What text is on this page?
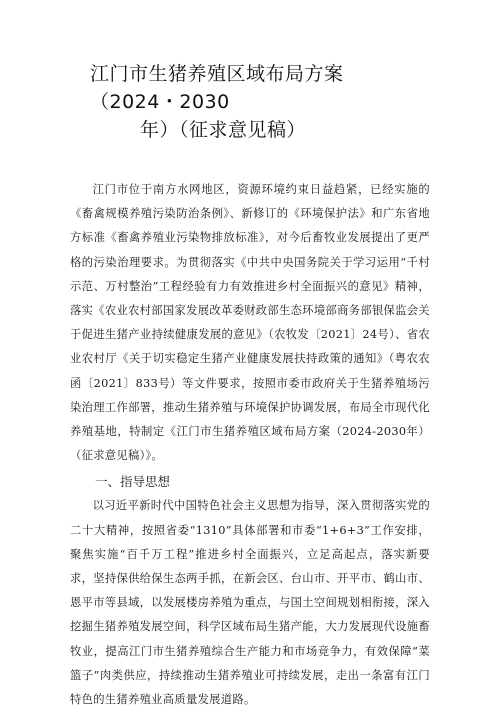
江门市生猪养殖区域布局方案（2024・2030
年）（征求意见稿）

江门市位于南方水网地区，资源环境约束日益趋紧，已经实施的《畜禽规模养殖污染防治条例》、新修订的《环境保护法》和广东省地方标准《畜禽养殖业污染物排放标准》，对今后畜牧业发展提出了更严格的污染治理要求。为贯彻落实《中共中央国务院关于学习运用“千村示范、万村整治”工程经验有力有效推进乡村全面振兴的意见》精神，落实《农业农村部国家发展改革委财政部生态环境部商务部银保监会关于促进生猪产业持续健康发展的意见》（农牧发〔2021〕24号）、省农业农村厅《关于切实稳定生猪产业健康发展扶持政策的通知》（粤农农函〔2021〕833号）等文件要求，按照市委市政府关于生猪养殖场污染治理工作部署，推动生猪养殖与环境保护协调发展，布局全市现代化养殖基地，特制定《江门市生猪养殖区域布局方案（2024-2030年）（征求意见稿）》。

一、指导思想

以习近平新时代中国特色社会主义思想为指导，深入贯彻落实党的二十大精神，按照省委“1310”具体部署和市委“1+6+3”工作安排，聚焦实施“百千万工程”推进乡村全面振兴，立足高起点，落实新要求，坚持保供给保生态两手抓，在新会区、台山市、开平市、鹤山市、恩平市等县域，以发展楼房养殖为重点，与国土空间规划相衔接，深入挖掘生猪养殖发展空间，科学区域布局生猪产能，大力发展现代设施畜牧业，提高江门市生猪养殖综合生产能力和市场竞争力，有效保障“菜篮子”肉类供应，持续推动生猪养殖业可持续发展，走出一条富有江门特色的生猪养殖业高质量发展道路。
